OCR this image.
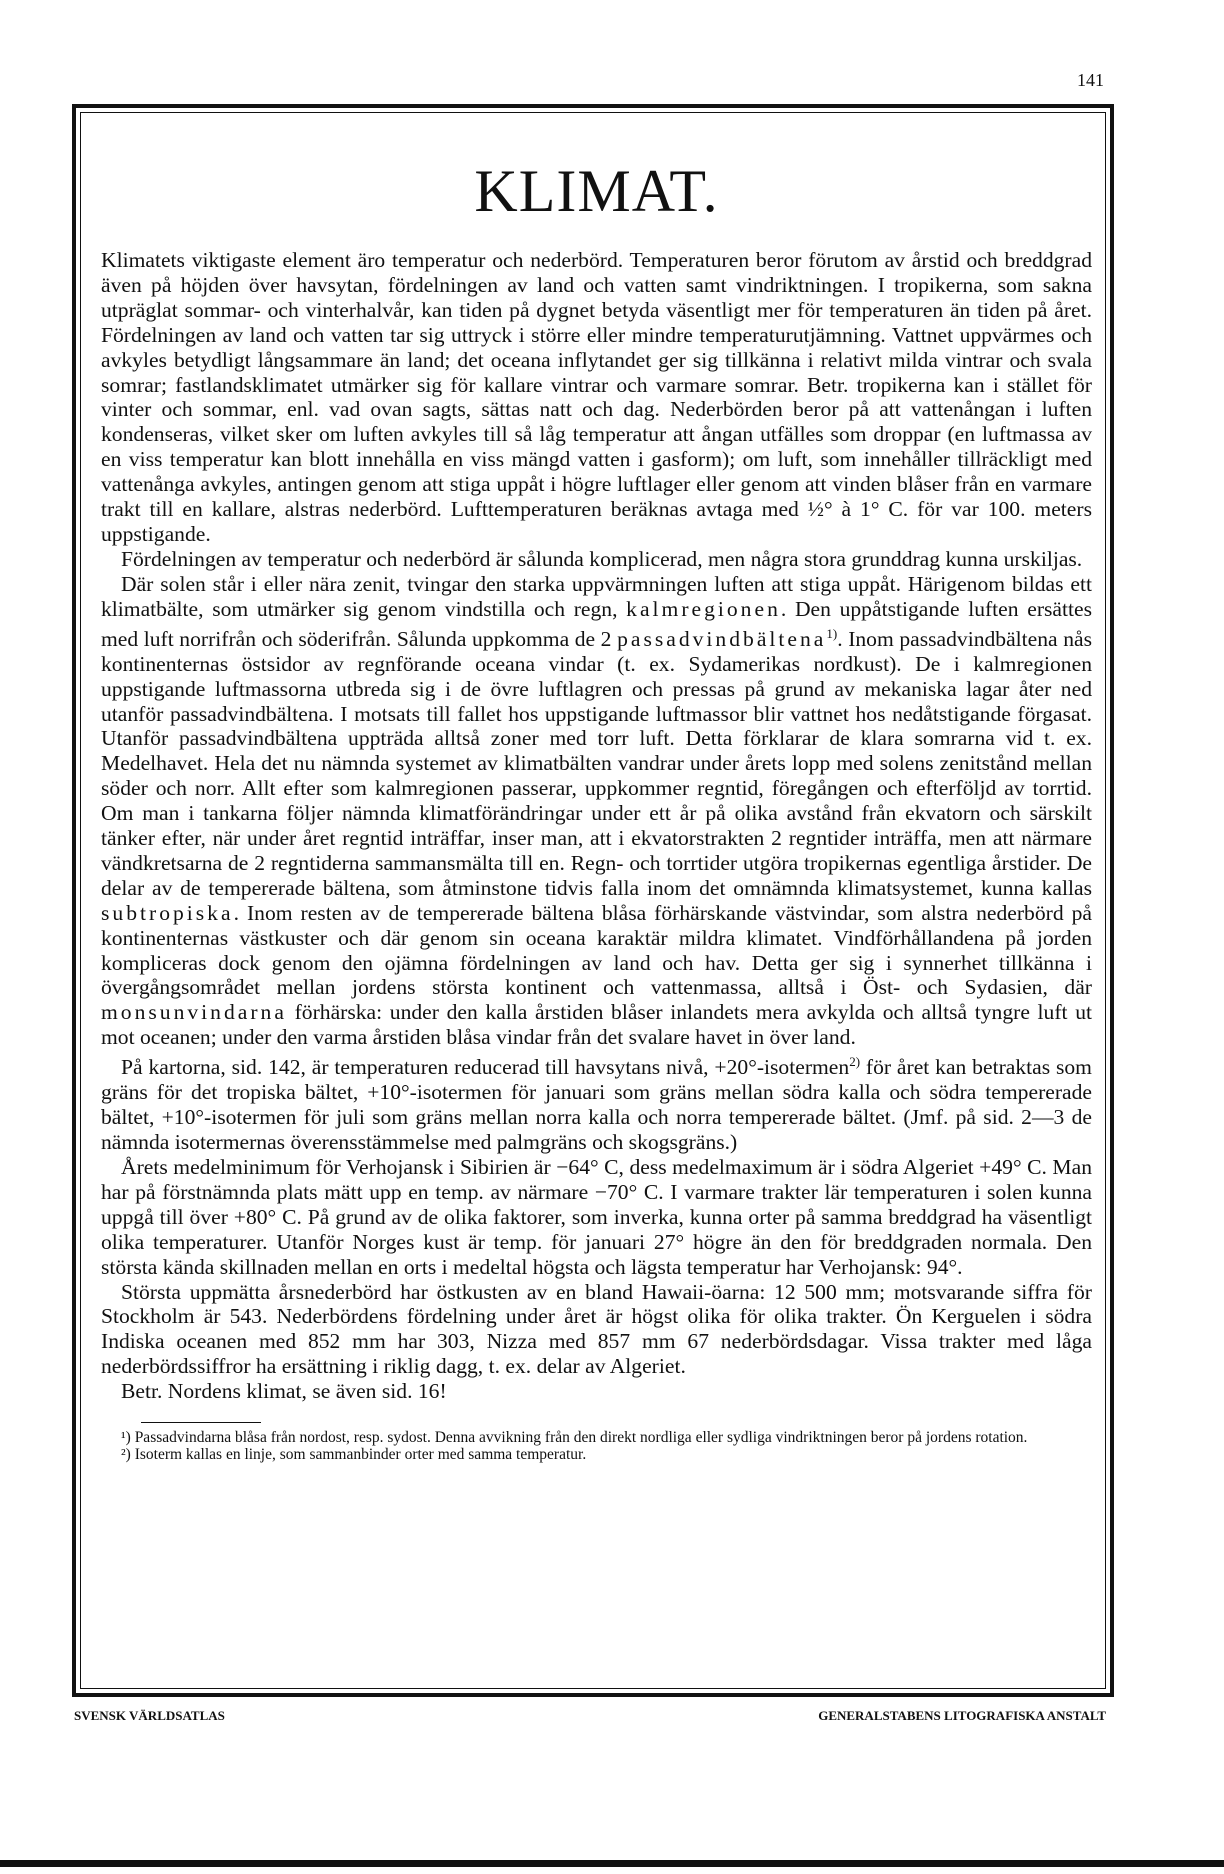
141
KLIMAT.

Klimatets viktigaste element äro temperatur och nederbörd. Temperaturen beror förutom av årstid och breddgrad även på höjden över havsytan, fördelningen av land och vatten samt vindriktningen. I tropikerna, som sakna utpräglat sommar- och vinterhalvår, kan tiden på dygnet betyda väsentligt mer för temperaturen än tiden på året. Fördelningen av land och vatten tar sig uttryck i större eller mindre temperaturutjämning. Vattnet uppvärmes och avkyles betydligt långsammare än land; det oceana inflytandet ger sig tillkänna i relativt milda vintrar och svala somrar; fastlandsklimatet utmärker sig för kallare vintrar och varmare somrar. Betr. tropikerna kan i stället för vinter och sommar, enl. vad ovan sagts, sättas natt och dag. Nederbörden beror på att vattenångan i luften kondenseras, vilket sker om luften avkyles till så låg temperatur att ångan utfälles som droppar (en luftmassa av en viss temperatur kan blott innehålla en viss mängd vatten i gasform); om luft, som innehåller tillräckligt med vattenånga avkyles, antingen genom att stiga uppåt i högre luftlager eller genom att vinden blåser från en varmare trakt till en kallare, alstras nederbörd. Lufttemperaturen beräknas avtaga med ½° à 1° C. för var 100. meters uppstigande.

Fördelningen av temperatur och nederbörd är sålunda komplicerad, men några stora grunddrag kunna urskiljas.

Där solen står i eller nära zenit, tvingar den starka uppvärmningen luften att stiga uppåt. Härigenom bildas ett klimatbälte, som utmärker sig genom vindstilla och regn, kalmregionen. Den uppåtstigande luften ersättes med luft norrifrån och söderifrån. Sålunda uppkomma de 2 passadvindbältena$^{1)}$. Inom passadvindbältena nås kontinenternas östsidor av regnförande oceana vindar (t. ex. Sydamerikas nordkust). De i kalmregionen uppstigande luftmassorna utbreda sig i de övre luftlagren och pressas på grund av mekaniska lagar åter ned utanför passadvindbältena. I motsats till fallet hos uppstigande luftmassor blir vattnet hos nedåtstigande förgasat. Utanför passadvindbältena uppträda alltså zoner med torr luft. Detta förklarar de klara somrarna vid t. ex. Medelhavet. Hela det nu nämnda systemet av klimatbälten vandrar under årets lopp med solens zenitstånd mellan söder och norr. Allt efter som kalmregionen passerar, uppkommer regntid, föregången och efterföljd av torrtid. Om man i tankarna följer nämnda klimatförändringar under ett år på olika avstånd från ekvatorn och särskilt tänker efter, när under året regntid inträffar, inser man, att i ekvatorstrakten 2 regntider inträffa, men att närmare vändkretsarna de 2 regntiderna sammansmälta till en. Regn- och torrtider utgöra tropikernas egentliga årstider. De delar av de tempererade bältena, som åtminstone tidvis falla inom det omnämnda klimatsystemet, kunna kallas subtropiska. Inom resten av de tempererade bältena blåsa förhärskande västvindar, som alstra nederbörd på kontinenternas västkuster och där genom sin oceana karaktär mildra klimatet. Vindförhållandena på jorden kompliceras dock genom den ojämna fördelningen av land och hav. Detta ger sig i synnerhet tillkänna i övergångsområdet mellan jordens största kontinent och vattenmassa, alltså i Öst- och Sydasien, där monsunvindarna förhärska: under den kalla årstiden blåser inlandets mera avkylda och alltså tyngre luft ut mot oceanen; under den varma årstiden blåsa vindar från det svalare havet in över land.

På kartorna, sid. 142, är temperaturen reducerad till havsytans nivå, +20°-isotermen$^{2)}$ för året kan betraktas som gräns för det tropiska bältet, +10°-isotermen för januari som gräns mellan södra kalla och södra tempererade bältet, +10°-isotermen för juli som gräns mellan norra kalla och norra tempererade bältet. (Jmf. på sid. 2—3 de nämnda isotermernas överensstämmelse med palmgräns och skogsgräns.)

Årets medelminimum för Verhojansk i Sibirien är −64° C, dess medelmaximum är i södra Algeriet +49° C. Man har på förstnämnda plats mätt upp en temp. av närmare −70° C. I varmare trakter lär temperaturen i solen kunna uppgå till över +80° C. På grund av de olika faktorer, som inverka, kunna orter på samma breddgrad ha väsentligt olika temperaturer. Utanför Norges kust är temp. för januari 27° högre än den för breddgraden normala. Den största kända skillnaden mellan en orts i medeltal högsta och lägsta temperatur har Verhojansk: 94°.

Största uppmätta årsnederbörd har östkusten av en bland Hawaii-öarna: 12 500 mm; motsvarande siffra för Stockholm är 543. Nederbördens fördelning under året är högst olika för olika trakter. Ön Kerguelen i södra Indiska oceanen med 852 mm har 303, Nizza med 857 mm 67 nederbördsdagar. Vissa trakter med låga nederbördssiffror ha ersättning i riklig dagg, t. ex. delar av Algeriet.

Betr. Nordens klimat, se även sid. 16!

¹) Passadvindarna blåsa från nordost, resp. sydost. Denna avvikning från den direkt nordliga eller sydliga vindriktningen beror på jordens rotation.
²) Isoterm kallas en linje, som sammanbinder orter med samma temperatur.
SVENSK VÄRLDSATLAS	GENERALSTABENS LITOGRAFISKA ANSTALT
